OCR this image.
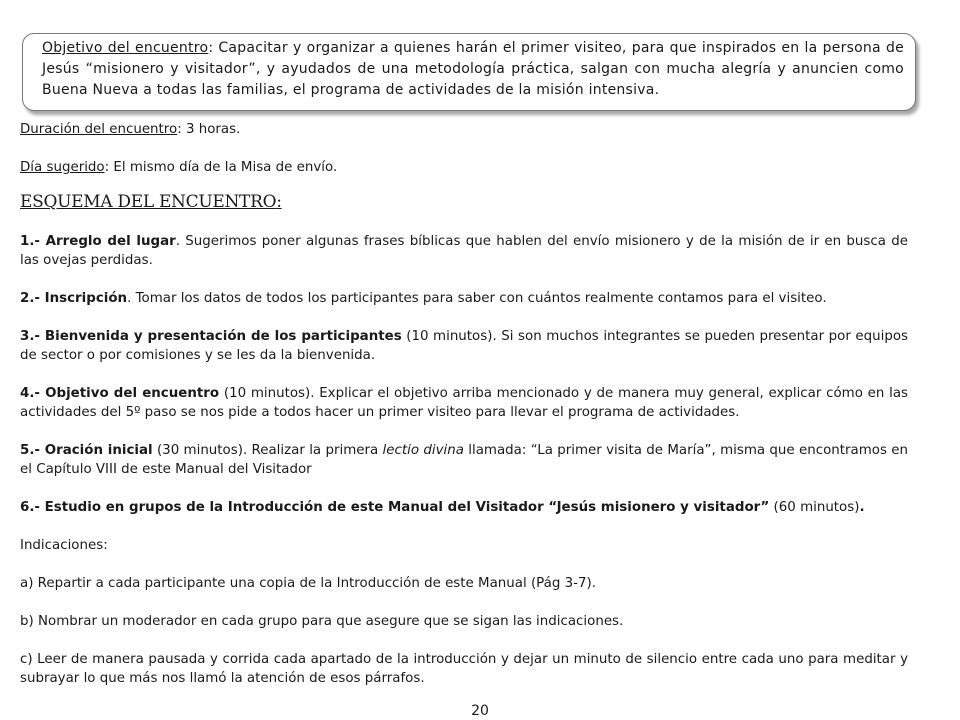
Objetivo del encuentro: Capacitar y organizar a quienes harán el primer visiteo, para que inspirados en la persona de Jesús “misionero y visitador”, y ayudados de una metodología práctica, salgan con mucha alegría y anuncien como Buena Nueva a todas las familias, el programa de actividades de la misión intensiva.

Duración del encuentro: 3 horas.

Día sugerido: El mismo día de la Misa de envío.

ESQUEMA DEL ENCUENTRO:

1.- Arreglo del lugar. Sugerimos poner algunas frases bíblicas que hablen del envío misionero y de la misión de ir en busca de las ovejas perdidas.

2.- Inscripción. Tomar los datos de todos los participantes para saber con cuántos realmente contamos para el visiteo.

3.- Bienvenida y presentación de los participantes (10 minutos). Si son muchos integrantes se pueden presentar por equipos de sector o por comisiones y se les da la bienvenida.

4.- Objetivo del encuentro (10 minutos). Explicar el objetivo arriba mencionado y de manera muy general, explicar cómo en las actividades del 5º paso se nos pide a todos hacer un primer visiteo para llevar el programa de actividades.

5.- Oración inicial (30 minutos). Realizar la primera lectio divina llamada: “La primer visita de María”, misma que encontramos en el Capítulo VIII de este Manual del Visitador

6.- Estudio en grupos de la Introducción de este Manual del Visitador “Jesús misionero y visitador” (60 minutos).

Indicaciones:

a) Repartir a cada participante una copia de la Introducción de este Manual (Pág 3-7).

b) Nombrar un moderador en cada grupo para que asegure que se sigan las indicaciones.

c) Leer de manera pausada y corrida cada apartado de la introducción y dejar un minuto de silencio entre cada uno para meditar y subrayar lo que más nos llamó la atención de esos párrafos.

20
